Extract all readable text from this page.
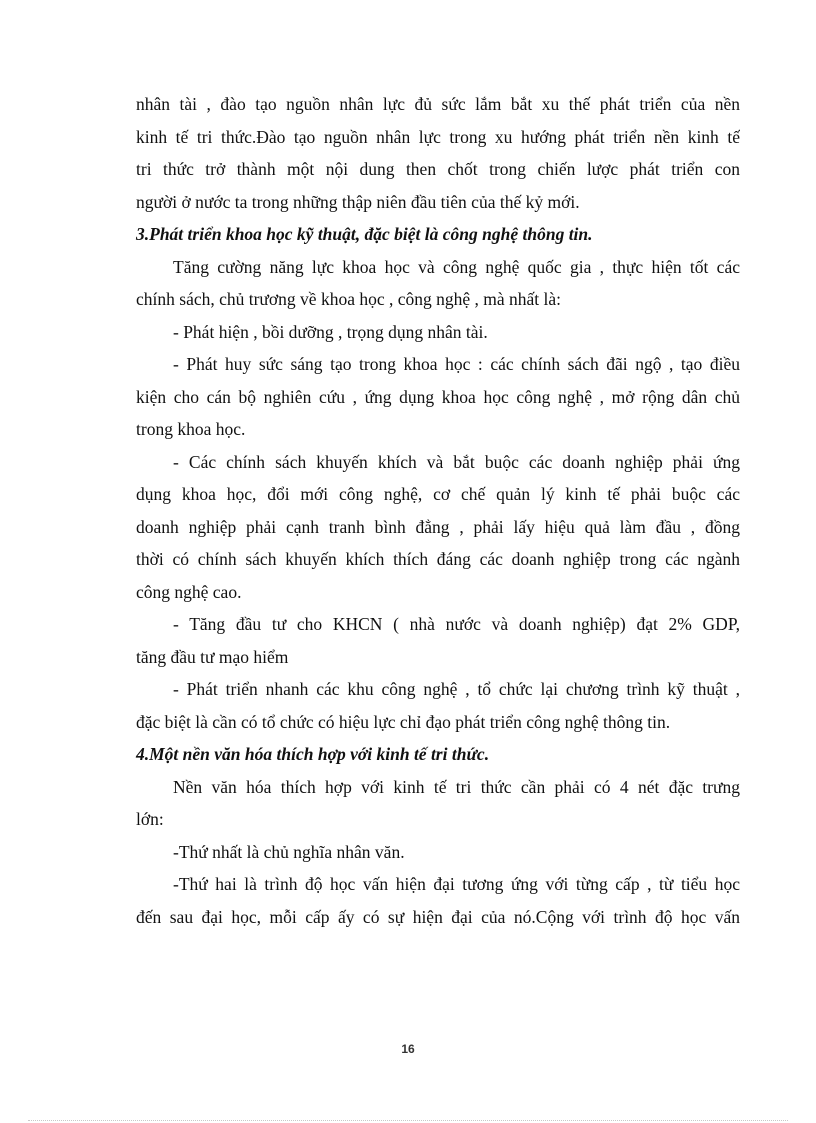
nhân tài , đào tạo nguồn nhân lực đủ sức lắm bắt xu thế phát triển của nền
kinh tế tri thức.Đào tạo nguồn nhân lực trong xu hướng phát triển nền kinh tế
tri thức trở thành một nội dung then chốt trong chiến lược phát triển con
người ở nước ta trong những thập niên đầu tiên của thế kỷ mới.
3.Phát triển khoa học kỹ thuật, đặc biệt là công nghệ thông tin.
Tăng cường năng lực khoa học và công nghệ quốc gia , thực hiện tốt các
chính sách, chủ trương về khoa học , công nghệ , mà nhất là:
- Phát hiện , bồi dưỡng , trọng dụng nhân tài.
- Phát huy sức sáng tạo trong khoa học : các chính sách đãi ngộ , tạo điều
kiện cho cán bộ nghiên cứu , ứng dụng khoa học công nghệ , mở rộng dân chủ
trong khoa học.
- Các chính sách khuyến khích và bắt buộc các doanh nghiệp phải ứng
dụng khoa học, đổi mới công nghệ, cơ chế quản lý kinh tế phải buộc các
doanh nghiệp phải cạnh tranh bình đẳng , phải lấy hiệu quả làm đầu , đồng
thời có chính sách khuyến khích thích đáng các doanh nghiệp trong các ngành
công nghệ cao.
- Tăng đầu tư cho KHCN ( nhà nước và doanh nghiệp) đạt 2% GDP,
tăng đầu tư mạo hiểm
- Phát triển nhanh các khu công nghệ , tổ chức lại chương trình kỹ thuật ,
đặc biệt là cần có tổ chức có hiệu lực chỉ đạo phát triển công nghệ thông tin.
4.Một nền văn hóa thích hợp với kinh tế tri thức.
Nền văn hóa thích hợp với kinh tế tri thức cần phải có 4 nét đặc trưng
lớn:
-Thứ nhất là chủ nghĩa nhân văn.
-Thứ hai là trình độ học vấn hiện đại tương ứng với từng cấp , từ tiểu học
đến sau đại học, mỗi cấp ấy có sự hiện đại của nó.Cộng với trình độ học vấn
16
